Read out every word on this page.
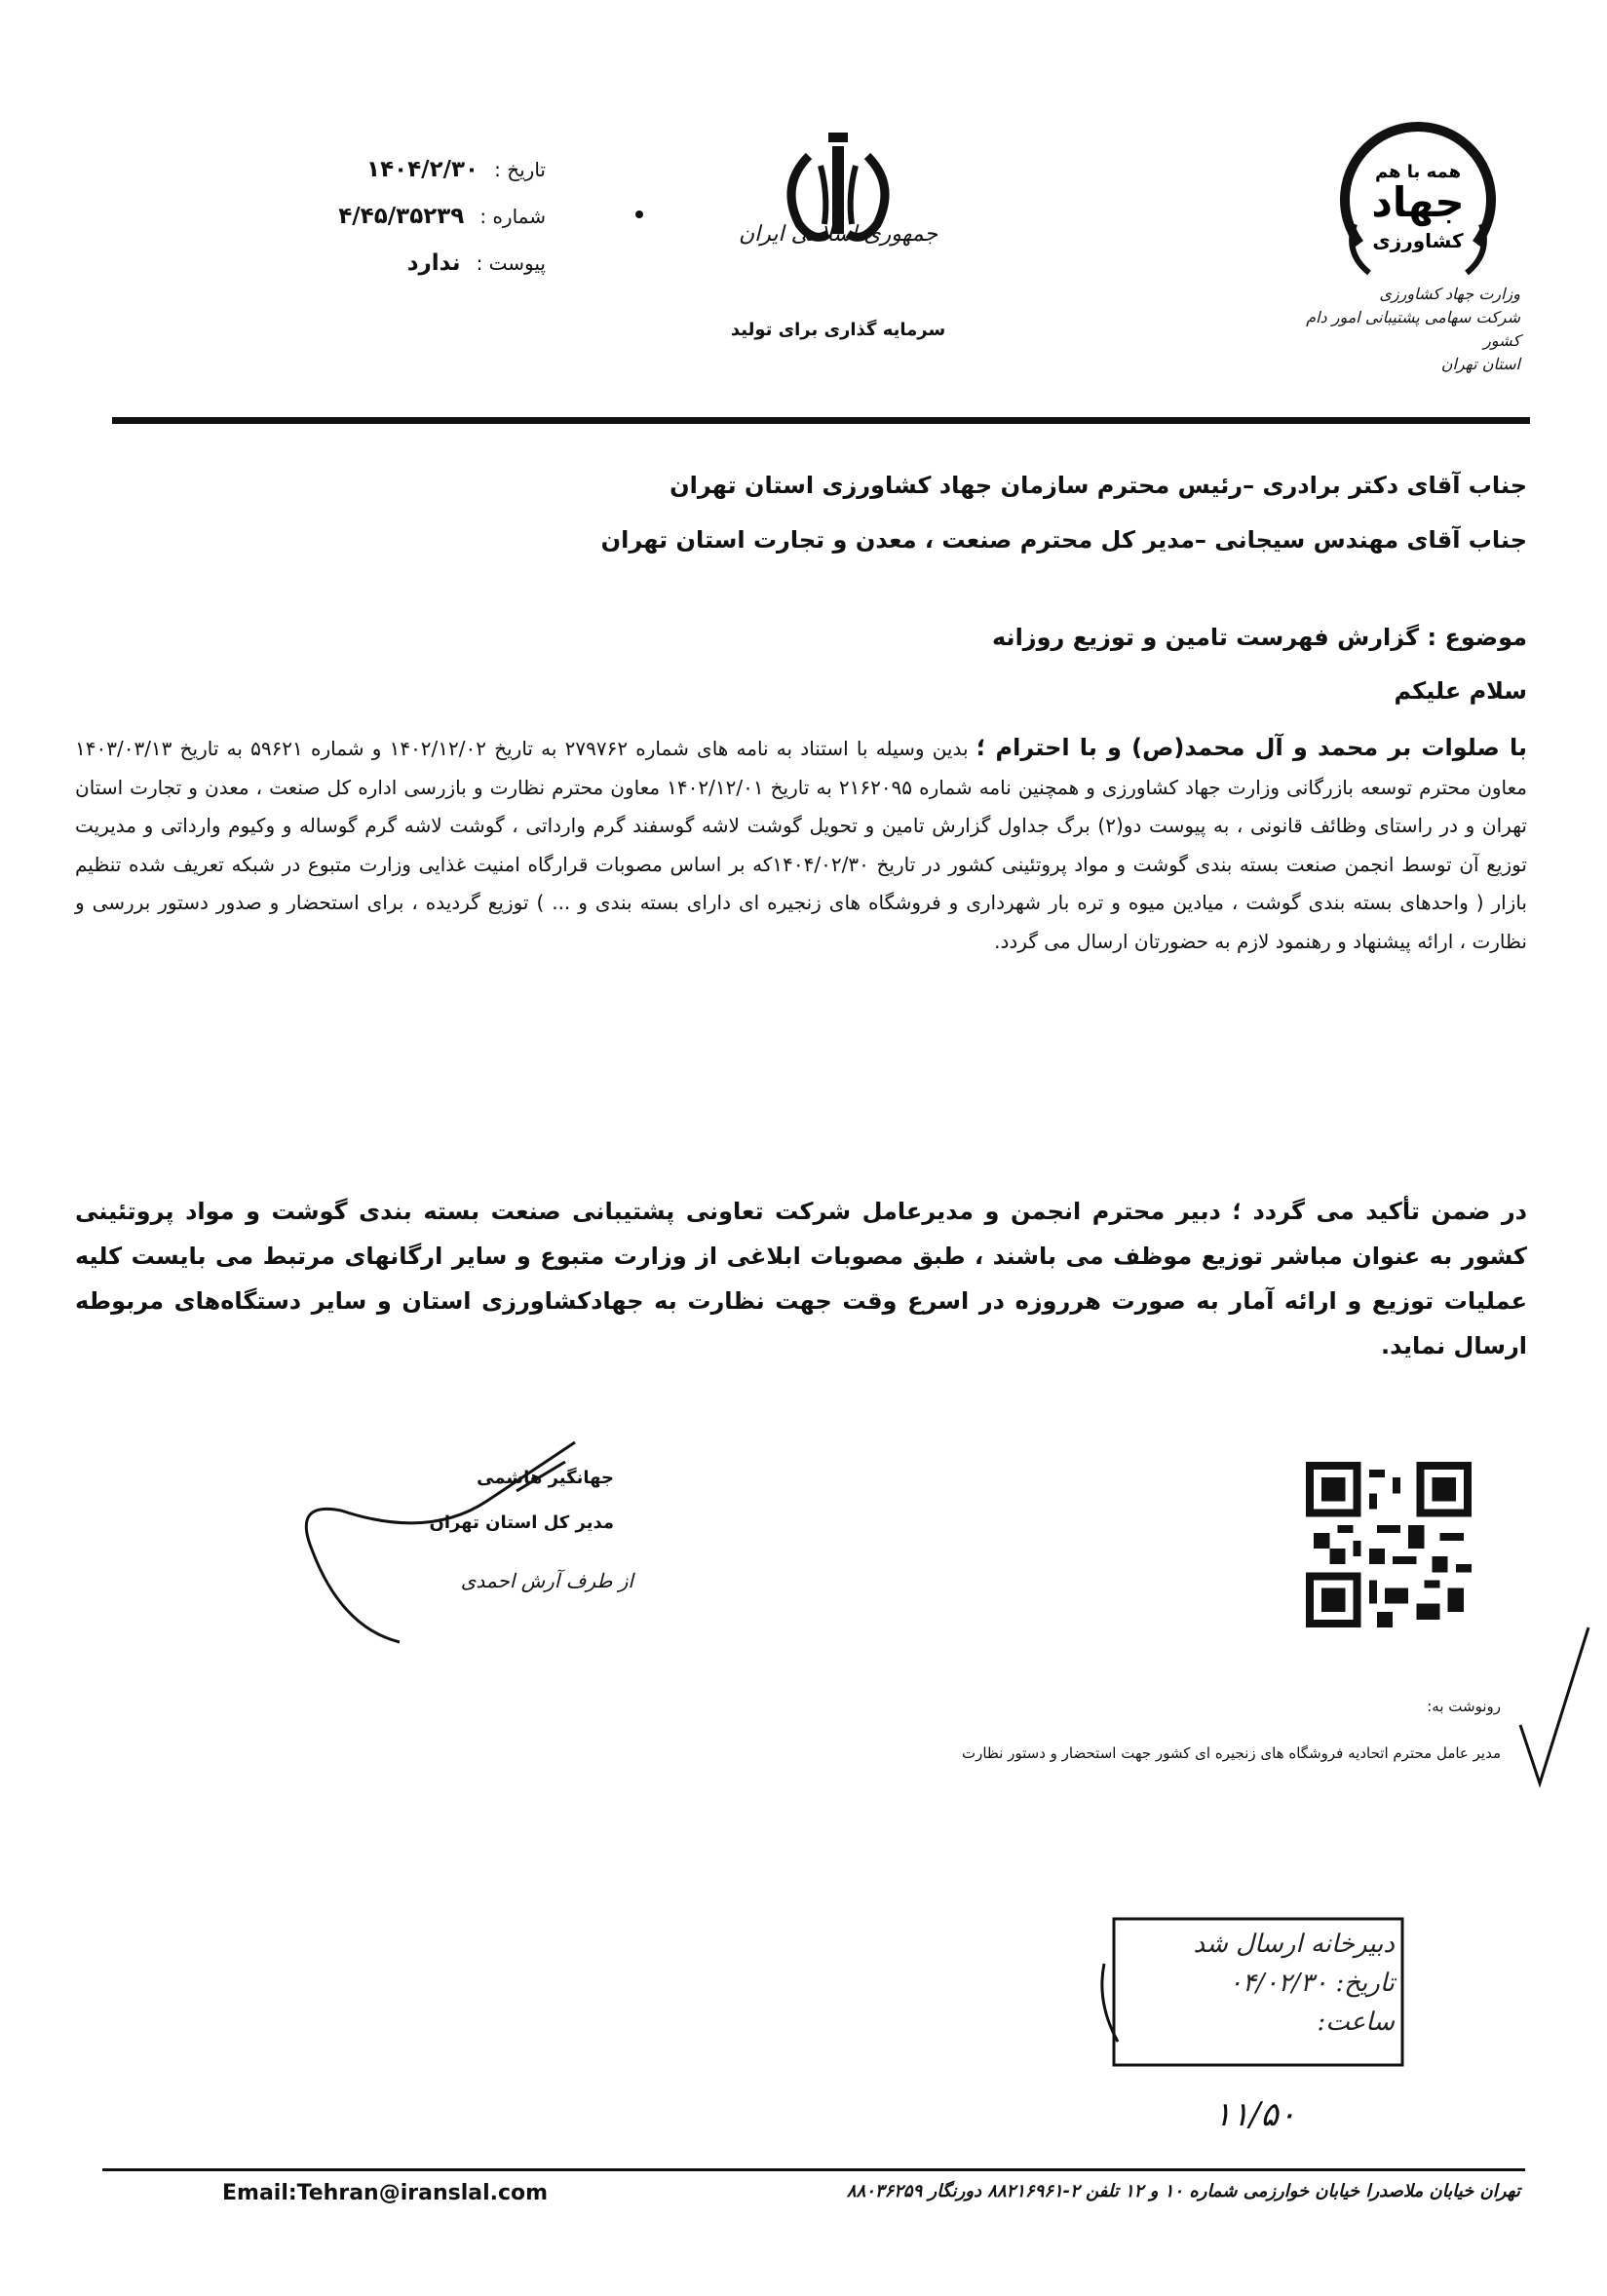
تاریخ :
۱۴۰۴/۲/۳۰
شماره :
۴/۴۵/۳۵۲۳۹
پیوست :
ندارد
جمهوری اسلامی ایران
سرمایه گذاری برای تولید
همه با هم
جهاد
کشاورزی
وزارت جهاد کشاورزی
شرکت سهامی پشتیبانی امور دام کشور
استان تهران
جناب آقای دکتر برادری –رئیس محترم سازمان جهاد کشاورزی استان تهران
جناب آقای مهندس سیجانی –مدیر کل محترم صنعت ، معدن و تجارت استان تهران
موضوع : گزارش فهرست تامین و توزیع روزانه
سلام علیکم
با صلوات بر محمد و آل محمد(ص) و با احترام ؛ بدین وسیله با استناد به نامه های شماره ۲۷۹۷۶۲ به تاریخ ۱۴۰۲/۱۲/۰۲ و شماره ۵۹۶۲۱ به تاریخ ۱۴۰۳/۰۳/۱۳ معاون محترم توسعه بازرگانی وزارت جهاد کشاورزی و همچنین نامه شماره ۲۱۶۲۰۹۵ به تاریخ ۱۴۰۲/۱۲/۰۱ معاون محترم نظارت و بازرسی اداره کل صنعت ، معدن و تجارت استان تهران و در راستای وظائف قانونی ، به پیوست دو(۲) برگ جداول گزارش تامین و تحویل گوشت لاشه گوسفند گرم وارداتی ، گوشت لاشه گرم گوساله و وکیوم وارداتی و مدیریت توزیع آن توسط انجمن صنعت بسته بندی گوشت و مواد پروتئینی کشور در تاریخ ۱۴۰۴/۰۲/۳۰که بر اساس مصوبات قرارگاه امنیت غذایی وزارت متبوع در شبکه تعریف شده تنظیم بازار ( واحدهای بسته بندی گوشت ، میادین میوه و تره بار شهرداری و فروشگاه های زنجیره ای دارای بسته بندی و ... ) توزیع گردیده ، برای استحضار و صدور دستور بررسی و نظارت ، ارائه پیشنهاد و رهنمود لازم به حضورتان ارسال می گردد.
در ضمن تأکید می گردد ؛ دبیر محترم انجمن و مدیرعامل شرکت تعاونی پشتیبانی صنعت بسته بندی گوشت و مواد پروتئینی کشور به عنوان مباشر توزیع موظف می باشند ، طبق مصوبات ابلاغی از وزارت متبوع و سایر ارگانهای مرتبط می بایست کلیه عملیات توزیع و ارائه آمار به صورت هرروزه در اسرع وقت جهت نظارت به جهادکشاورزی استان و سایر دستگاه‌های مربوطه ارسال نماید.
جهانگیر هاشمی
مدیر کل استان تهران
از طرف آرش احمدی
رونوشت به:
مدیر عامل محترم اتحادیه فروشگاه های زنجیره ای کشور جهت استحضار و دستور نظارت
دبیرخانه ارسال شد
تاریخ: ۰۴/۰۲/۳۰
ساعت:
۱۱/۵۰
Email:Tehran@iranslal.com	تهران خیابان ملاصدرا خیابان خوارزمی شماره ۱۰ و ۱۲ تلفن ۲-۸۸۲۱۶۹۶۱ دورنگار ۸۸۰۳۶۲۵۹
